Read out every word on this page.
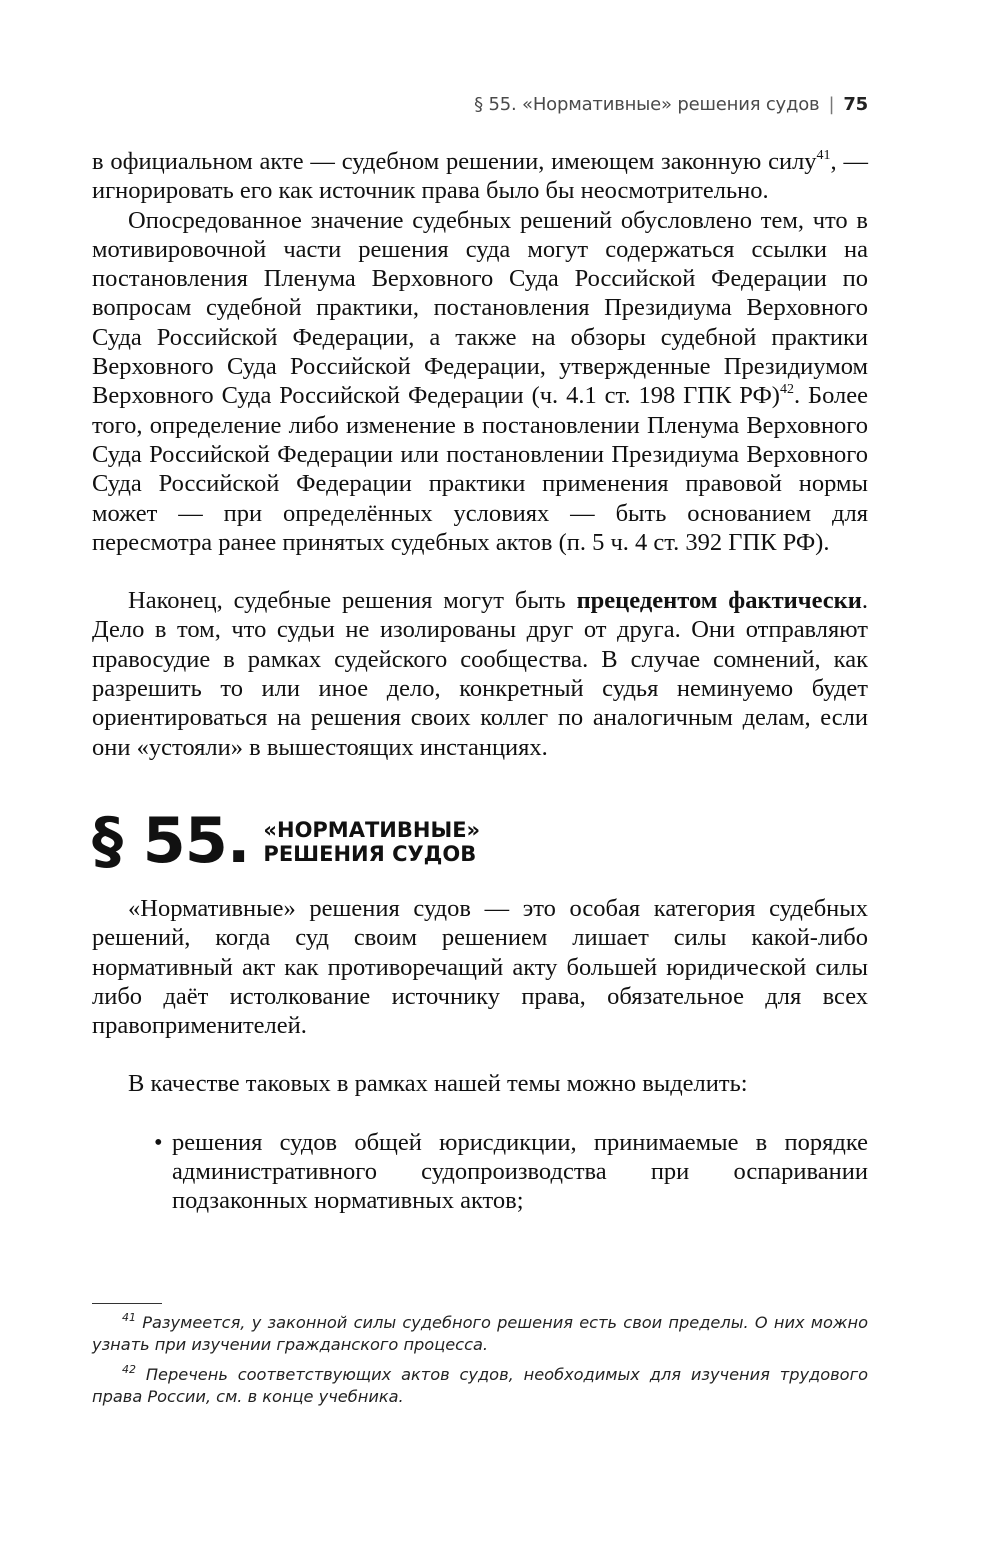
§ 55. «Нормативные» решения судов | 75

в официальном акте — судебном решении, имеющем законную силу$^{41}$, — игнорировать его как источник права было бы неосмотрительно.

Опосредованное значение судебных решений обусловлено тем, что в мотивировочной части решения суда могут содержаться ссылки на постановления Пленума Верховного Суда Российской Федерации по вопросам судебной практики, постановления Президиума Верховного Суда Российской Федерации, а также на обзоры судебной практики Верховного Суда Российской Федерации, утвержденные Президиумом Верховного Суда Российской Федерации (ч. 4.1 ст. 198 ГПК РФ)$^{42}$. Более того, определение либо изменение в постановлении Пленума Верховного Суда Российской Федерации или постановлении Президиума Верховного Суда Российской Федерации практики применения правовой нормы может — при определённых условиях — быть основанием для пересмотра ранее принятых судебных актов (п. 5 ч. 4 ст. 392 ГПК РФ).

Наконец, судебные решения могут быть прецедентом фактически. Дело в том, что судьи не изолированы друг от друга. Они отправляют правосудие в рамках судейского сообщества. В случае сомнений, как разрешить то или иное дело, конкретный судья неминуемо будет ориентироваться на решения своих коллег по аналогичным делам, если они «устояли» в вышестоящих инстанциях.

§ 55. «НОРМАТИВНЫЕ»
РЕШЕНИЯ СУДОВ

«Нормативные» решения судов — это особая категория судебных решений, когда суд своим решением лишает силы какой-либо нормативный акт как противоречащий акту большей юридической силы либо даёт истолкование источнику права, обязательное для всех правоприменителей.

В качестве таковых в рамках нашей темы можно выделить:

• решения судов общей юрисдикции, принимаемые в порядке административного судопроизводства при оспаривании подзаконных нормативных актов;

$^{41}$ Разумеется, у законной силы судебного решения есть свои пределы. О них можно узнать при изучении гражданского процесса.

$^{42}$ Перечень соответствующих актов судов, необходимых для изучения трудового права России, см. в конце учебника.
